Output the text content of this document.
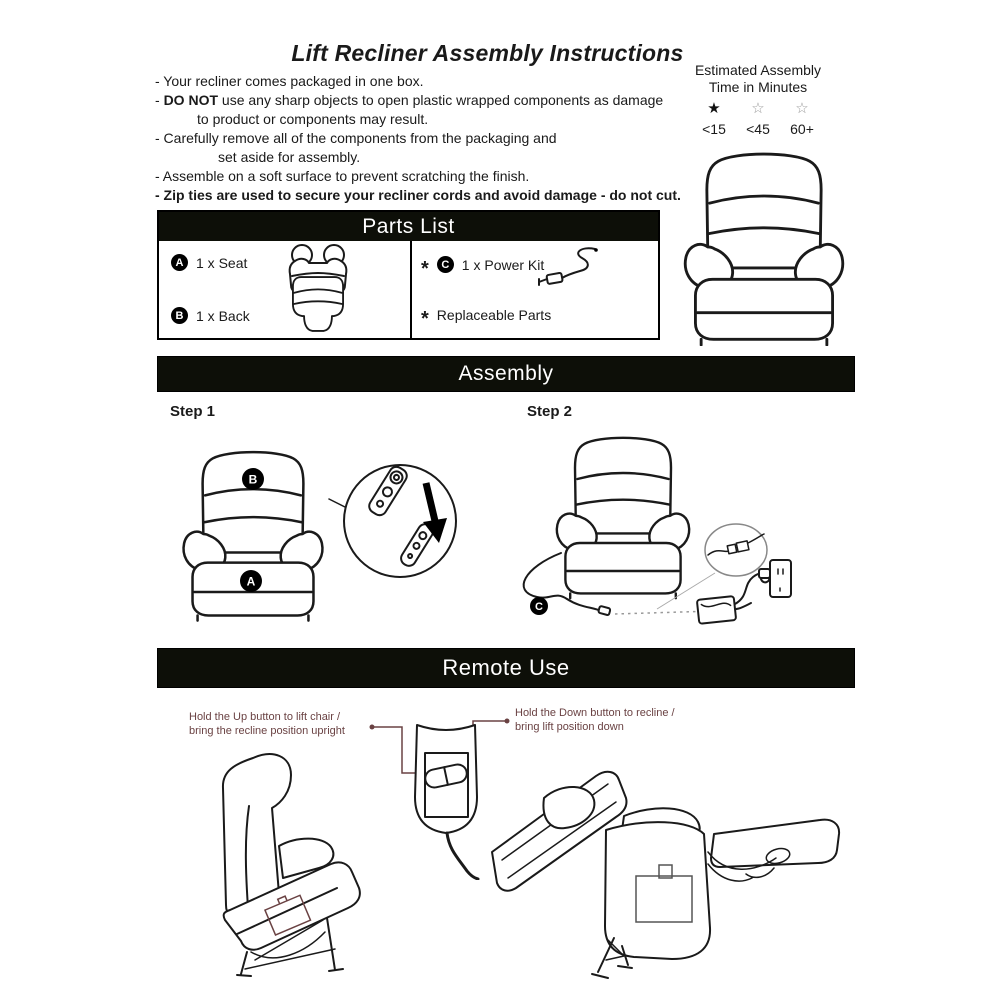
Lift Recliner Assembly Instructions
- Your recliner comes packaged in one box.
- DO NOT use any sharp objects to open plastic wrapped components as damage
to product or components may result.
- Carefully remove all of the components from the packaging and
set aside for assembly.
- Assemble on a soft surface to prevent scratching the finish.
- Zip ties are used to secure your recliner cords and avoid damage - do not cut.
Estimated Assembly
Time in Minutes
★	☆	☆
<15	<45	60+
Parts List
A 1 x Seat
B 1 x Back
*	C 1 x Power Kit
* Replaceable Parts
Assembly
Step 1	Step 2
B
A
C
Remote Use
Hold the Up button to lift chair /
bring the recline position upright
Hold the Down button to recline /
bring lift position down
